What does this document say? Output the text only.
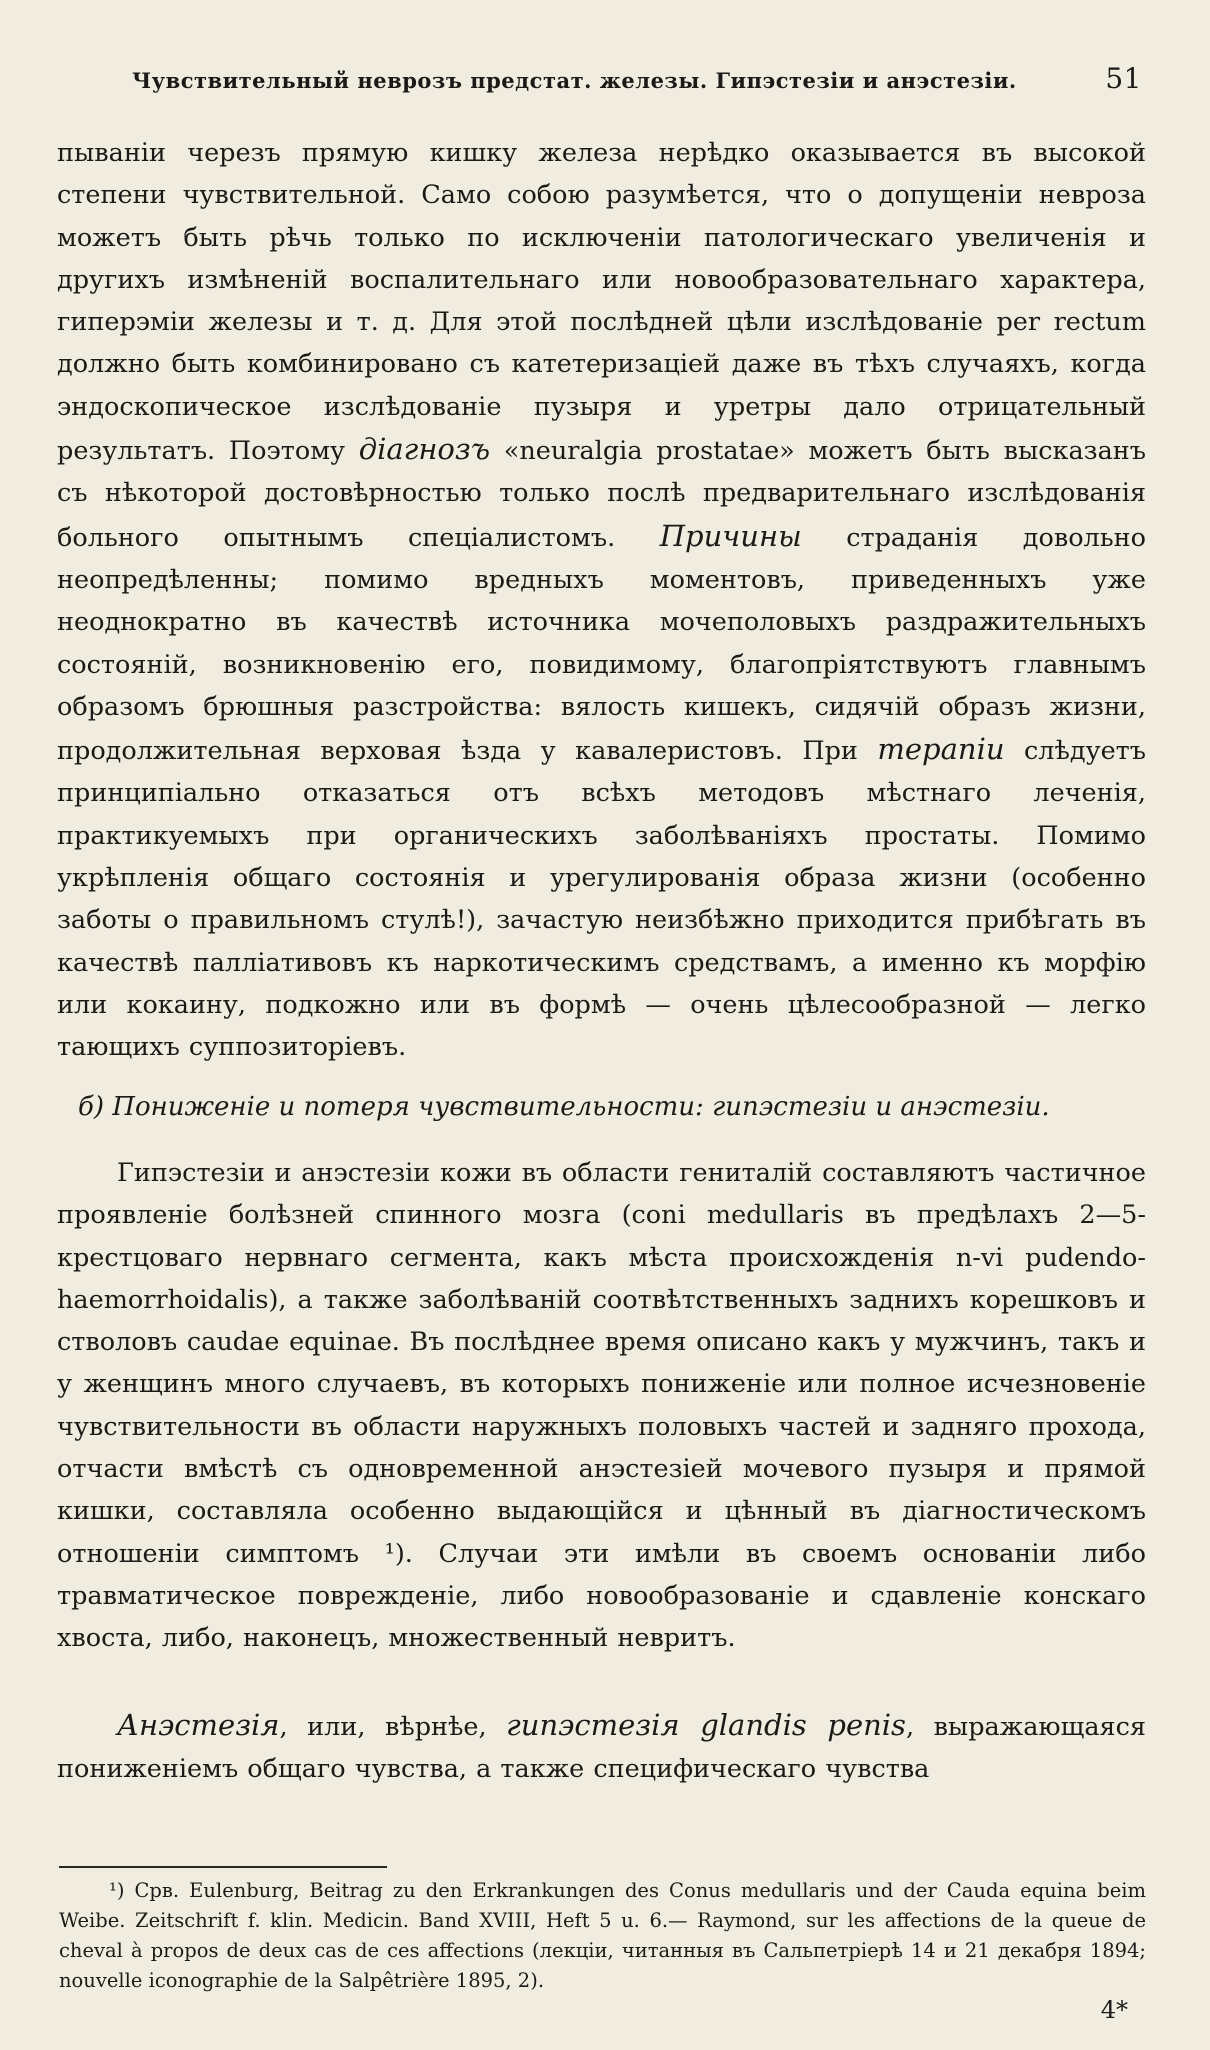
Чувствительный неврозъ предстат. железы. Гипэстезіи и анэстезіи.	51

пываніи черезъ прямую кишку железа нерѣдко оказывается въ высокой степени чувствительной. Само собою разумѣется, что о допущеніи невроза можетъ быть рѣчь только по исключеніи патологическаго увеличенія и другихъ измѣненій воспалительнаго или новообразовательнаго характера, гиперэміи железы и т. д. Для этой послѣдней цѣли изслѣдованіе per rectum должно быть комбинировано съ катетеризаціей даже въ тѣхъ случаяхъ, когда эндоскопическое изслѣдованіе пузыря и уретры дало отрицательный результатъ. Поэтому діагнозъ «neuralgia prostatae» можетъ быть высказанъ съ нѣкоторой достовѣрностью только послѣ предварительнаго изслѣдованія больного опытнымъ спеціалистомъ. Причины страданія довольно неопредѣленны; помимо вредныхъ моментовъ, приведенныхъ уже неоднократно въ качествѣ источника мочеполовыхъ раздражительныхъ состояній, возникновенію его, повидимому, благопріятствуютъ главнымъ образомъ брюшныя разстройства: вялость кишекъ, сидячій образъ жизни, продолжительная верховая ѣзда у кавалеристовъ. При терапіи слѣдуетъ принципіально отказаться отъ всѣхъ методовъ мѣстнаго леченія, практикуемыхъ при органическихъ заболѣваніяхъ простаты. Помимо укрѣпленія общаго состоянія и урегулированія образа жизни (особенно заботы о правильномъ стулѣ!), зачастую неизбѣжно приходится прибѣгать въ качествѣ палліативовъ къ наркотическимъ средствамъ, а именно къ морфію или кокаину, подкожно или въ формѣ — очень цѣлесообразной — легко тающихъ суппозиторіевъ.

б) Пониженіе и потеря чувствительности: гипэстезіи и анэстезіи.

Гипэстезіи и анэстезіи кожи въ области гениталій составляютъ частичное проявленіе болѣзней спинного мозга (coni medullaris въ предѣлахъ 2—5-крестцоваго нервнаго сегмента, какъ мѣста происхожденія n-vi pudendo-haemorrhoidalis), а также заболѣваній соотвѣтственныхъ заднихъ корешковъ и стволовъ caudae equinae. Въ послѣднее время описано какъ у мужчинъ, такъ и у женщинъ много случаевъ, въ которыхъ пониженіе или полное исчезновеніе чувствительности въ области наружныхъ половыхъ частей и задняго прохода, отчасти вмѣстѣ съ одновременной анэстезіей мочевого пузыря и прямой кишки, составляла особенно выдающійся и цѣнный въ діагностическомъ отношеніи симптомъ ¹). Случаи эти имѣли въ своемъ основаніи либо травматическое поврежденіе, либо новообразованіе и сдавленіе конскаго хвоста, либо, наконецъ, множественный невритъ.

Анэстезія, или, вѣрнѣе, гипэстезія glandis penis, выражающаяся пониженіемъ общаго чувства, а также специфическаго чувства

¹) Срв. Eulenburg, Beitrag zu den Erkrankungen des Conus medullaris und der Cauda equina beim Weibe. Zeitschrift f. klin. Medicin. Band XVIII, Heft 5 u. 6.— Raymond, sur les affections de la queue de cheval à propos de deux cas de ces affections (лекціи, читанныя въ Сальпетріерѣ 14 и 21 декабря 1894; nouvelle iconographie de la Salpêtrière 1895, 2).

4*
